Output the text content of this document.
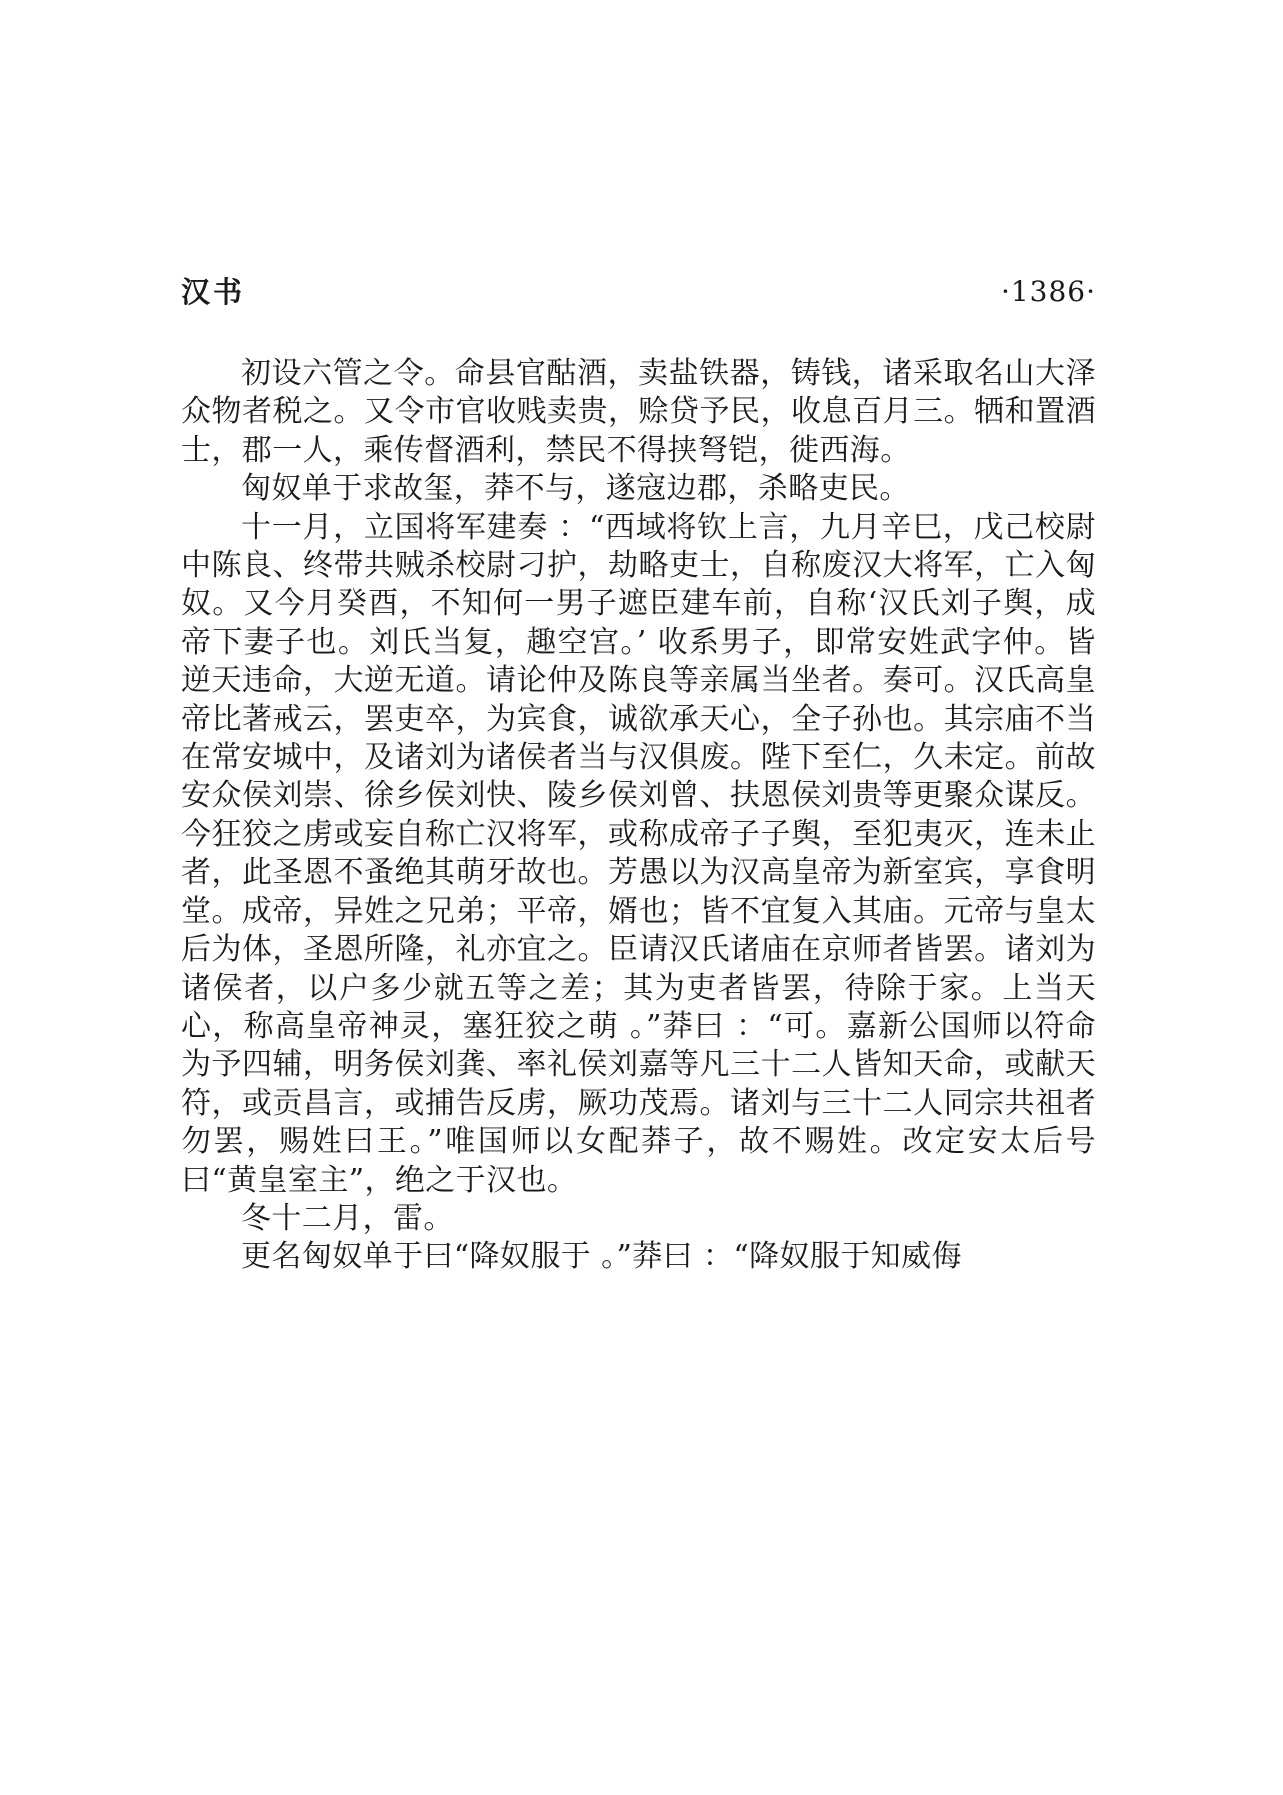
汉书	·1386·

初设六管之令。命县官酤酒，卖盐铁器，铸钱，诸采取名山大泽众物者税之。又令市官收贱卖贵，赊贷予民，收息百月三。牺和置酒士，郡一人，乘传督酒利，禁民不得挟弩铠，徙西海。

匈奴单于求故玺，莽不与，遂寇边郡，杀略吏民。

十一月，立国将军建奏 ：“西域将钦上言，九月辛巳，戊己校尉中陈良、终带共贼杀校尉刁护，劫略吏士，自称废汉大将军，亡入匈奴。又今月癸酉，不知何一男子遮臣建车前，自称‘汉氏刘子舆，成帝下妻子也。刘氏当复，趣空宫。’ 收系男子，即常安姓武字仲。皆逆天违命，大逆无道。请论仲及陈良等亲属当坐者。奏可。汉氏高皇帝比著戒云，罢吏卒，为宾食，诚欲承天心，全子孙也。其宗庙不当在常安城中，及诸刘为诸侯者当与汉俱废。陛下至仁，久未定。前故安众侯刘崇、徐乡侯刘快、陵乡侯刘曾、扶恩侯刘贵等更聚众谋反。今狂狡之虏或妄自称亡汉将军，或称成帝子子舆，至犯夷灭，连未止者，此圣恩不蚤绝其萌牙故也。芳愚以为汉高皇帝为新室宾，享食明堂。成帝，异姓之兄弟；平帝，婿也；皆不宜复入其庙。元帝与皇太后为体，圣恩所隆，礼亦宜之。臣请汉氏诸庙在京师者皆罢。诸刘为诸侯者，以户多少就五等之差；其为吏者皆罢，待除于家。上当天心，称高皇帝神灵，塞狂狡之萌 。”莽曰 ：“可。嘉新公国师以符命为予四辅，明务侯刘龚、率礼侯刘嘉等凡三十二人皆知天命，或献天符，或贡昌言，或捕告反虏，厥功茂焉。诸刘与三十二人同宗共祖者勿罢，赐姓曰王。”唯国师以女配莽子，故不赐姓。改定安太后号曰“黄皇室主”，绝之于汉也。

冬十二月，雷。

更名匈奴单于曰“降奴服于 。”莽曰 ：“降奴服于知威侮
